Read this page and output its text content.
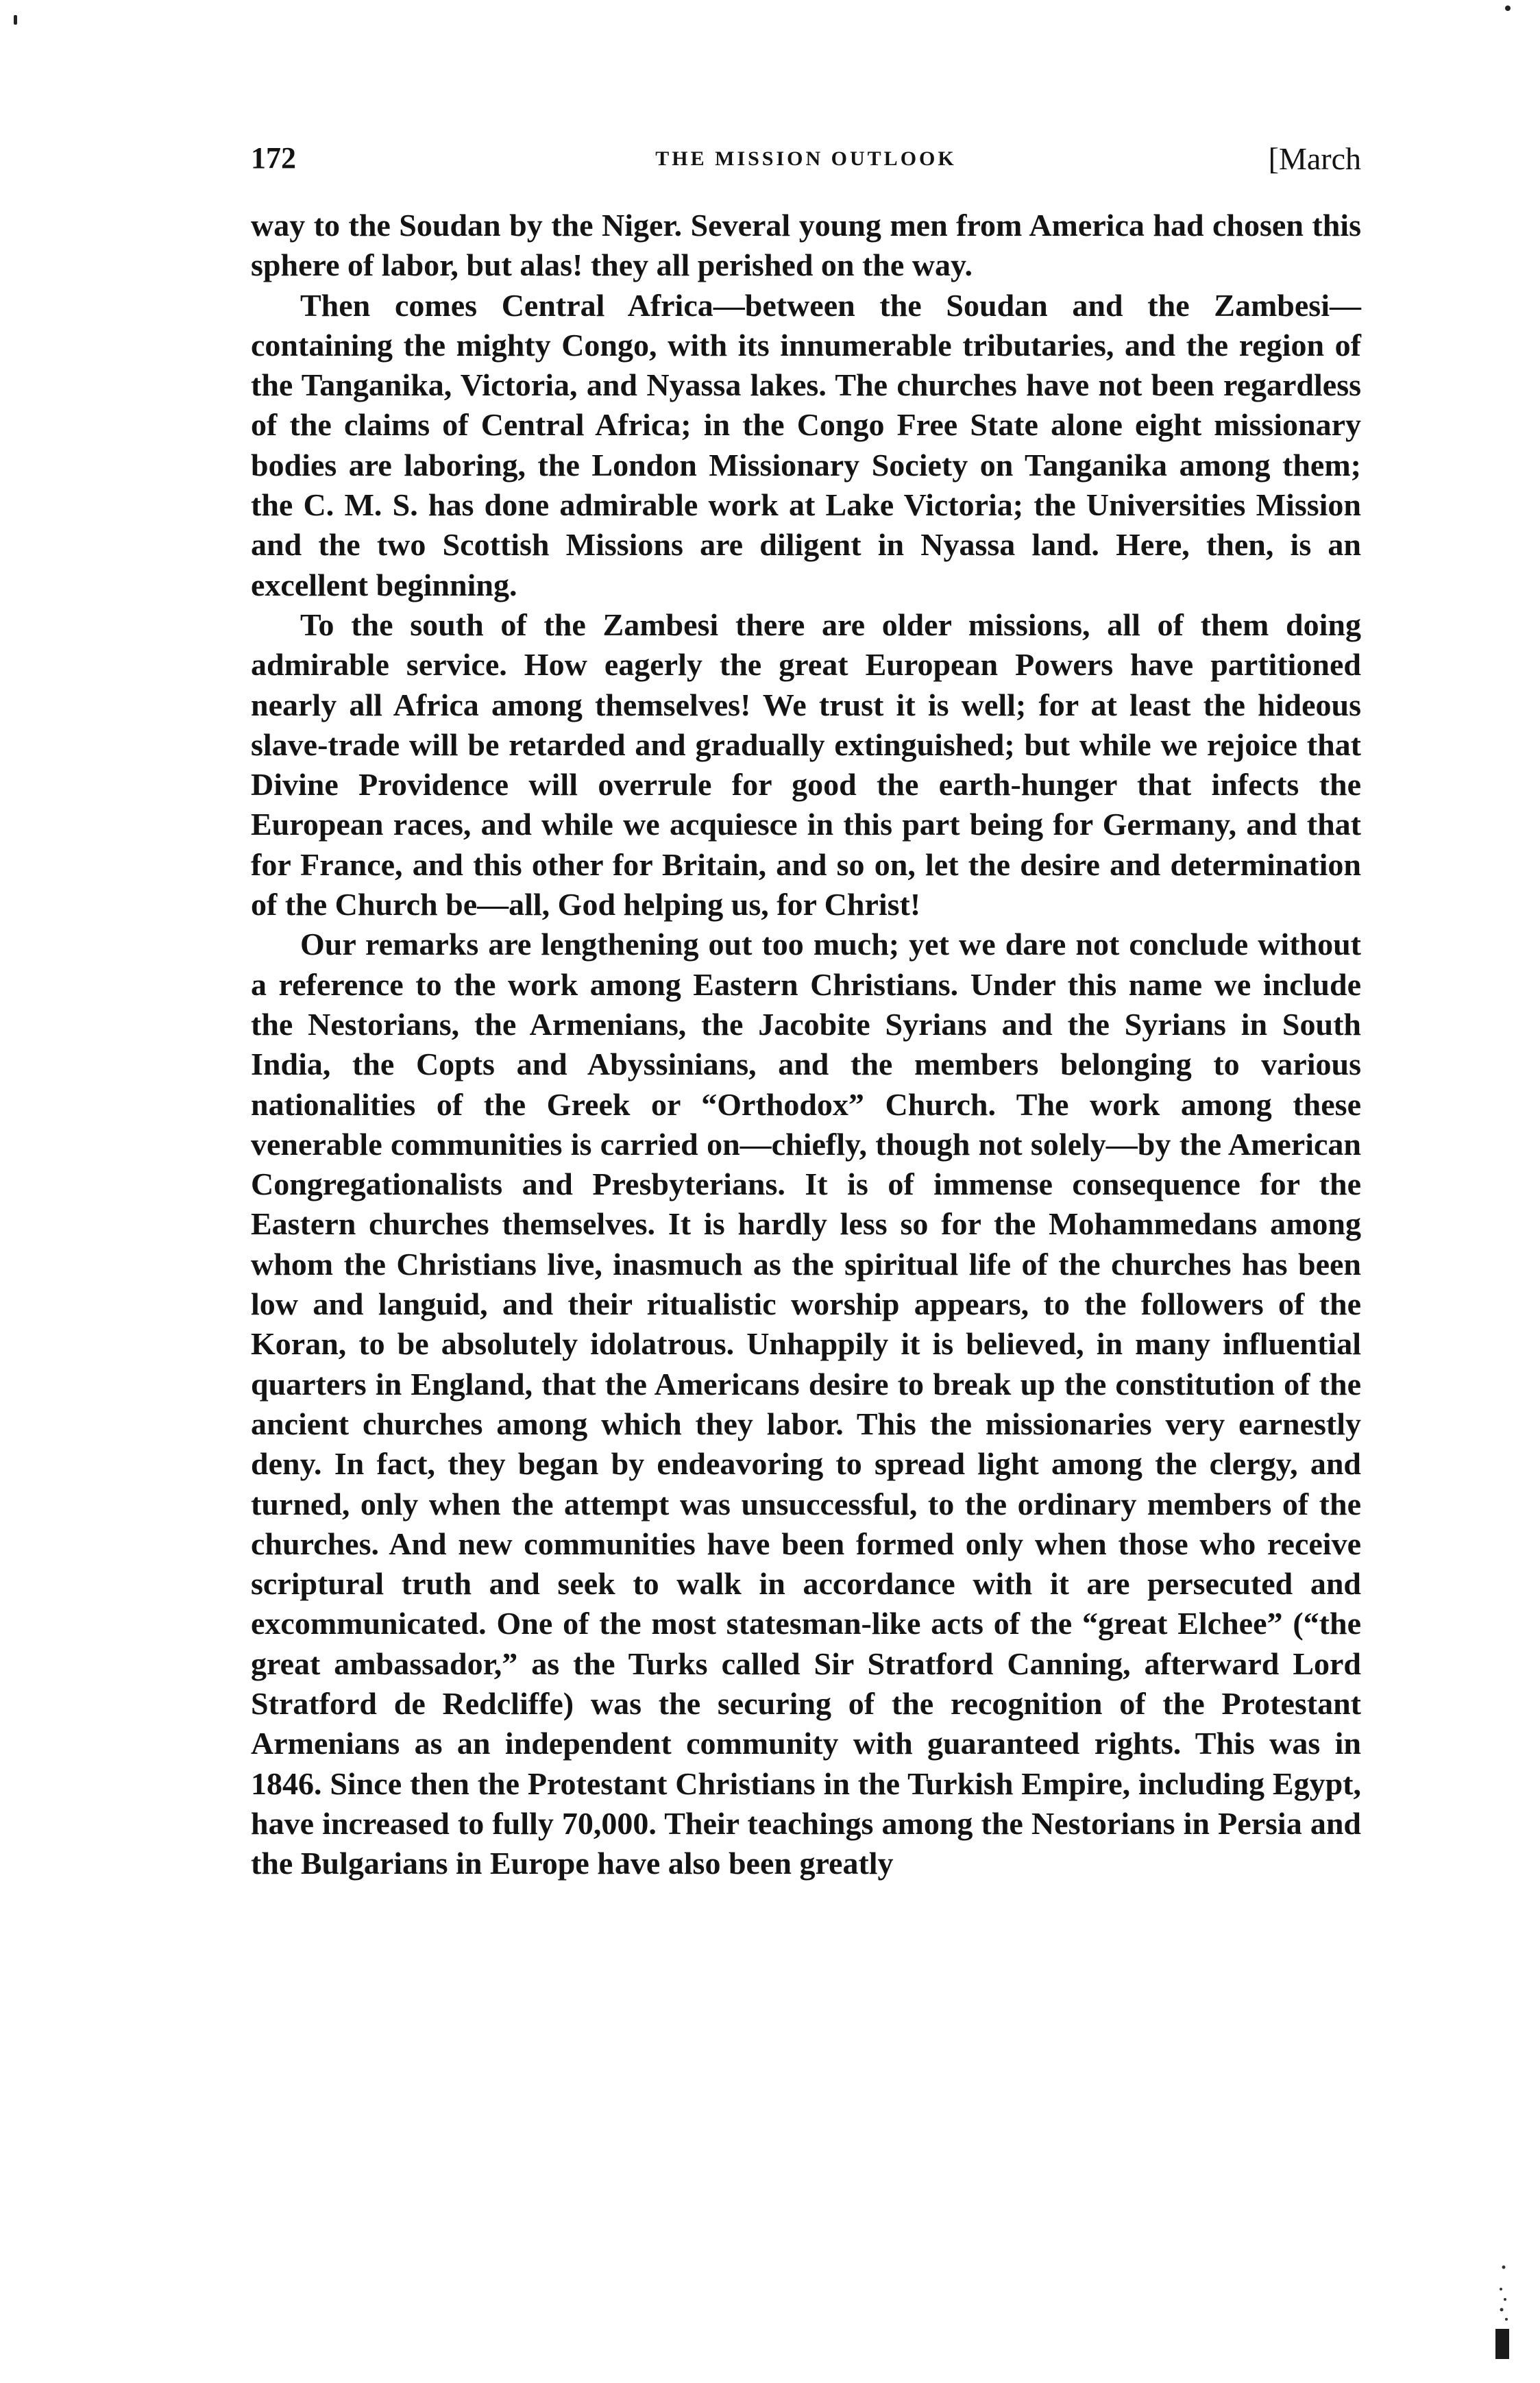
172	THE MISSION OUTLOOK	[March

way to the Soudan by the Niger. Several young men from America had chosen this sphere of labor, but alas! they all perished on the way.

Then comes Central Africa—between the Soudan and the Zambesi—containing the mighty Congo, with its innumerable tributaries, and the region of the Tanganika, Victoria, and Nyassa lakes. The churches have not been regardless of the claims of Central Africa; in the Congo Free State alone eight missionary bodies are laboring, the London Missionary Society on Tanganika among them; the C. M. S. has done admirable work at Lake Victoria; the Universities Mission and the two Scottish Missions are diligent in Nyassa land. Here, then, is an excellent beginning.

To the south of the Zambesi there are older missions, all of them doing admirable service. How eagerly the great European Powers have partitioned nearly all Africa among themselves! We trust it is well; for at least the hideous slave-trade will be retarded and gradually extinguished; but while we rejoice that Divine Providence will overrule for good the earth-hunger that infects the European races, and while we acquiesce in this part being for Germany, and that for France, and this other for Britain, and so on, let the desire and determination of the Church be—all, God helping us, for Christ!

Our remarks are lengthening out too much; yet we dare not conclude without a reference to the work among Eastern Christians. Under this name we include the Nestorians, the Armenians, the Jacobite Syrians and the Syrians in South India, the Copts and Abyssinians, and the members belonging to various nationalities of the Greek or “Orthodox” Church. The work among these venerable communities is carried on—chiefly, though not solely—by the American Congregationalists and Presbyterians. It is of immense consequence for the Eastern churches themselves. It is hardly less so for the Mohammedans among whom the Christians live, inasmuch as the spiritual life of the churches has been low and languid, and their ritualistic worship appears, to the followers of the Koran, to be absolutely idolatrous. Unhappily it is believed, in many influential quarters in England, that the Americans desire to break up the constitution of the ancient churches among which they labor. This the missionaries very earnestly deny. In fact, they began by endeavoring to spread light among the clergy, and turned, only when the attempt was unsuccessful, to the ordinary members of the churches. And new communities have been formed only when those who receive scriptural truth and seek to walk in accordance with it are persecuted and excommunicated. One of the most statesman-like acts of the “great Elchee” (“the great ambassador,” as the Turks called Sir Stratford Canning, afterward Lord Stratford de Redcliffe) was the securing of the recognition of the Protestant Armenians as an independent community with guaranteed rights. This was in 1846. Since then the Protestant Christians in the Turkish Empire, including Egypt, have increased to fully 70,000. Their teachings among the Nestorians in Persia and the Bulgarians in Europe have also been greatly
